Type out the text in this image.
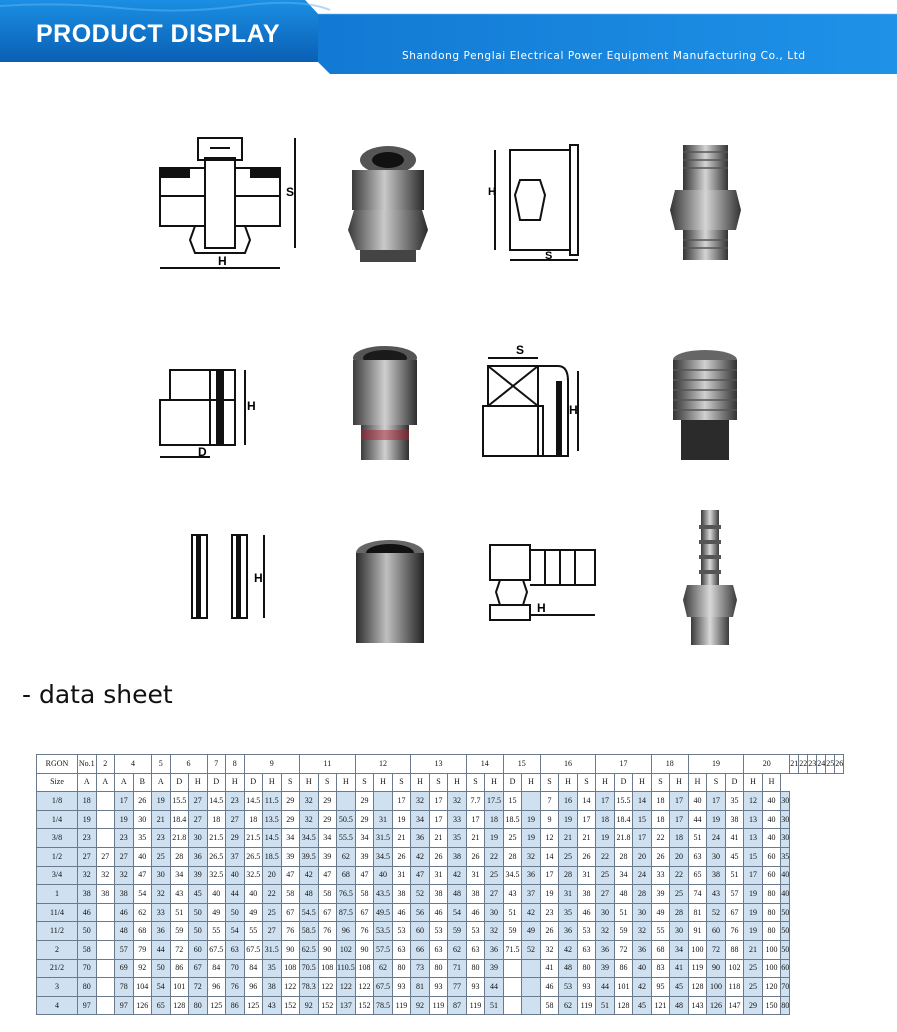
PRODUCT DISPLAY
Shandong Penglai Electrical Power Equipment Manufacturing Co., Ltd
H
S	H
S
H
D
S
H
H
H
- data sheet
RGON	No.1	2	4		5	6		7	8	9			11			12			13			14		15		16			17			18		19			20			21	22	23	24	25	26
Size	A	A	A	B	A	D	H	D	H	D	H	S	H	S	H	S	H	S	H	S	H	S	H	D	H	S	H	S	H	D	H	S	H	H	S	D	H	H							
1/8	18		17	26	19	15.5	27	14.5	23	14.5	11.5	29	32	29		29		17	32	17	32	7.7	17.5	15		7	16	14	17	15.5	14	18	17	40	17	35	12	40	30						
1/4	19		19	30	21	18.4	27	18	27	18	13.5	29	32	29	50.5	29	31	19	34	17	33	17	18	18.5	19	9	19	17	18	18.4	15	18	17	44	19	38	13	40	30						
3/8	23		23	35	23	21.8	30	21.5	29	21.5	14.5	34	34.5	34	55.5	34	31.5	21	36	21	35	21	19	25	19	12	21	21	19	21.8	17	22	18	51	24	41	13	40	30						
1/2	27	27	27	40	25	28	36	26.5	37	26.5	18.5	39	39.5	39	62	39	34.5	26	42	26	38	26	22	28	32	14	25	26	22	28	20	26	20	63	30	45	15	60	35						
3/4	32	32	32	47	30	34	39	32.5	40	32.5	20	47	42	47	68	47	40	31	47	31	42	31	25	34.5	36	17	28	31	25	34	24	33	22	65	38	51	17	60	40						
1	38	38	38	54	32	43	45	40	44	40	22	58	48	58	76.5	58	43.5	38	52	38	48	38	27	43	37	19	31	38	27	48	28	39	25	74	43	57	19	80	40						
11/4	46		46	62	33	51	50	49	50	49	25	67	54.5	67	87.5	67	49.5	46	56	46	54	46	30	51	42	23	35	46	30	51	30	49	28	81	52	67	19	80	50						
11/2	50		48	68	36	59	50	55	54	55	27	76	58.5	76	96	76	53.5	53	60	53	59	53	32	59	49	26	36	53	32	59	32	55	30	91	60	76	19	80	50						
2	58		57	79	44	72	60	67.5	63	67.5	31.5	90	62.5	90	102	90	57.5	63	66	63	62	63	36	71.5	52	32	42	63	36	72	36	68	34	100	72	88	21	100	50						
21/2	70		69	92	50	86	67	84	70	84	35	108	70.5	108	110.5	108	62	80	73	80	71	80	39			41	48	80	39	86	40	83	41	119	90	102	25	100	60						
3	80		78	104	54	101	72	96	76	96	38	122	78.3	122	122	122	67.5	93	81	93	77	93	44			46	53	93	44	101	42	95	45	128	100	118	25	120	70						
4	97		97	126	65	128	80	125	86	125	43	152	92	152	137	152	78.5	119	92	119	87	119	51			58	62	119	51	128	45	121	48	143	126	147	29	150	80						
